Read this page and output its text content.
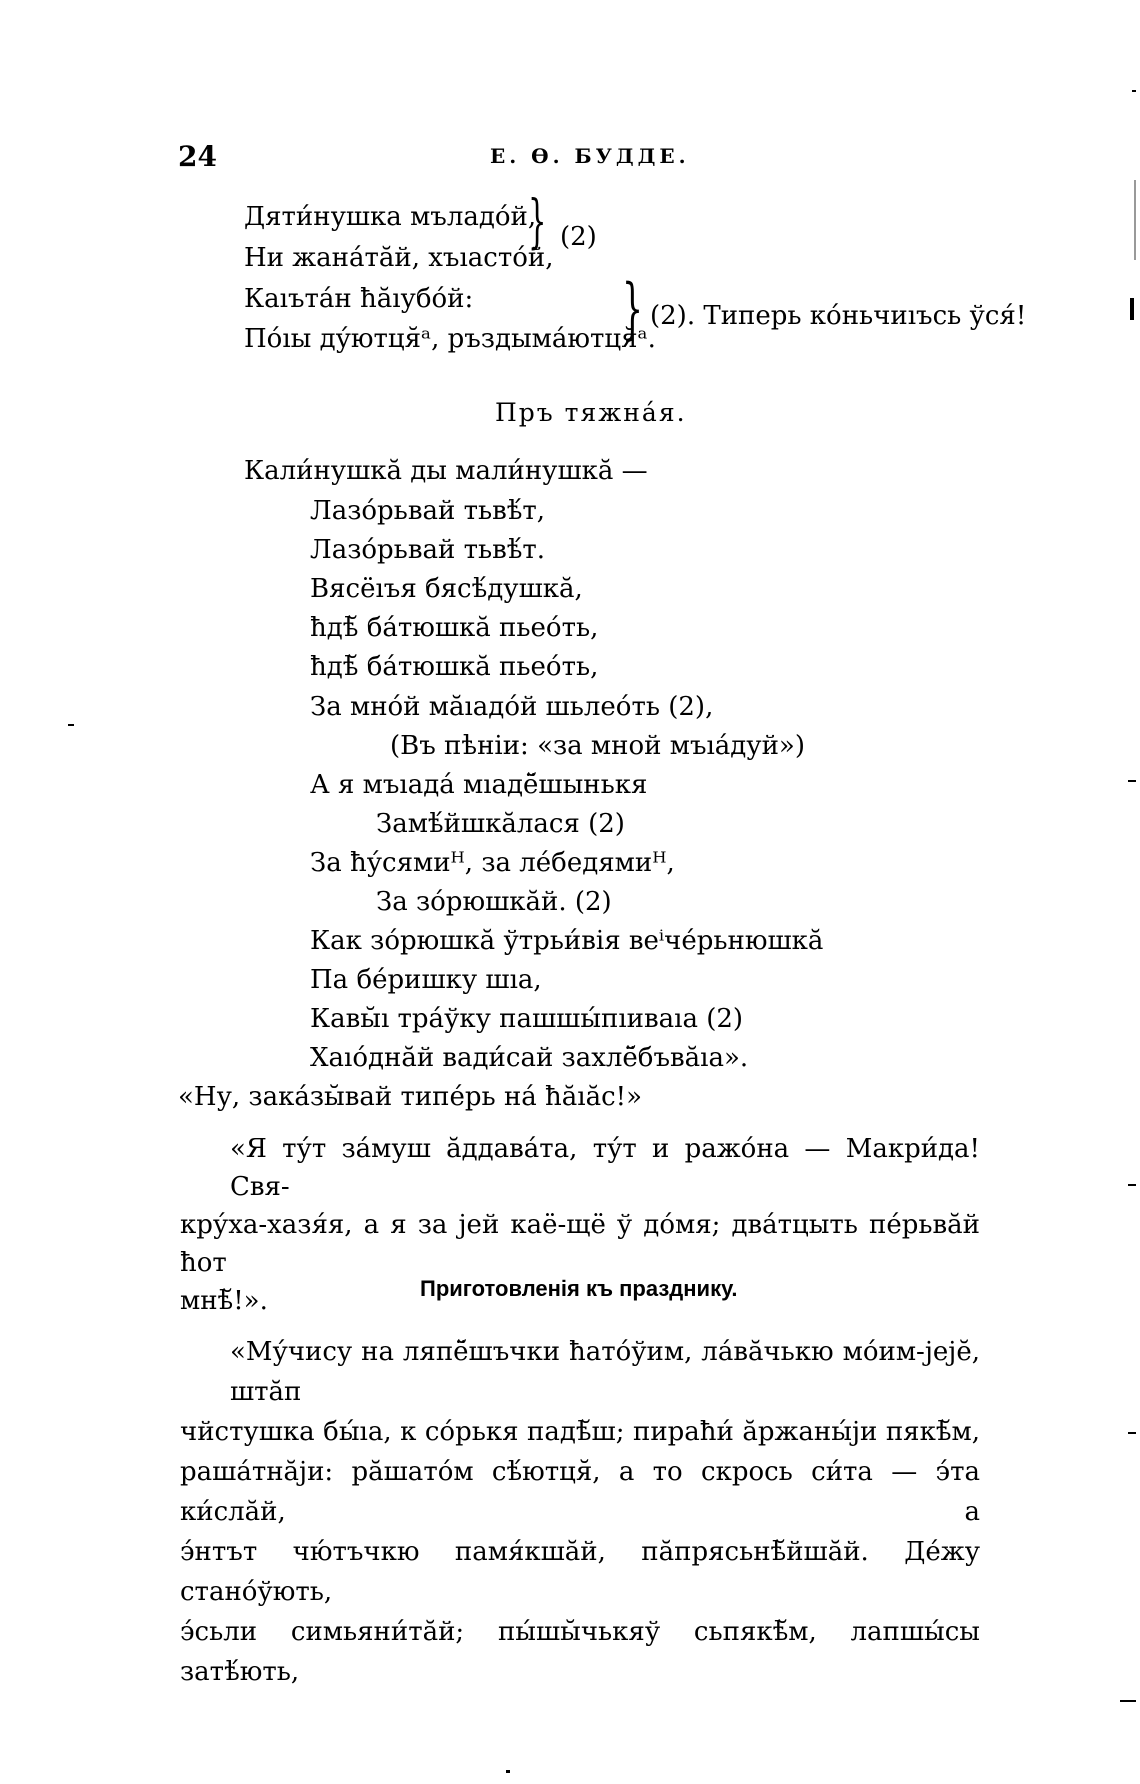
24	Е. Ө. БУДДЕ.
Дяти́нушка мъладо́й,
Ни жана́тӑй, хъıасто́й,
} (2)
Каıъта́н ħӑıубо́й:
Пóıы ду́ютця̆ᵃ, ръздыма́ютця̆ᵃ.
} (2). Типерь ко́ньчиıъсь ўся́!
Пръ тяжна́я.
Кали́нушкӑ ды мали́нушкӑ —
Лазо́рьвай тьвѣ́т,
Лазо́рьвай тьвѣ́т.
Вясёıъя бясѣ́душкӑ,
ħдѣ̆ ба́тюшкӑ пьео́ть,
ħдѣ̆ ба́тюшкӑ пьео́ть,
За мно́й мӑıадо́й шьлео́ть (2),
(Въ пѣніи: «за мной мъıа́дуй»)
А я мъıада́ мıадё̆шынькя
Замѣ́йшкӑлася (2)
За ħу́сямиᴴ, за лéбедямиᴴ,
За зо́рюшкӑй. (2)
Как зо́рюшкӑ ўтрьи́вія веⁱчéрьнюшкӑ
Па бéришку шıа,
Кавы̆ı тра́ўку пашшы́пıиваıа (2)
Хаıо́днӑй вади́сай захлё̆бъвӑıа».
«Ну, зака́зы̆вай типéрь на́ ħӑıӑс!»
«Я ту́т за́муш ӑддава́та, ту́т и ражо́на — Макри́да! Свя-
кру́ха-хазя́я, а я за јей каё-щё ў до́мя; два́тцыть пéрьвӑй ħот
мнѣ̆!».	Приготовленія къ празднику.
«Му́чису на ляпё̆шъчки ħато́ўим, ла́вӑчькю мо́им-јејӗ, штӑп
чйстушка бы́ıа, к со́рькя падѣ̆ш; пираħи́ ӑржаны́ји пякѣ̆м,
раша́тнӑји: рӑшато́м сѣ́ютця̆, а то скрось си́та — э́та ки́слӑй, а
э́нтът чю́тъчкю памя́кшӑй, пӑпрясьнѣ̆йшӑй. Дéжу стано́ўють,
э́сьли симьяни́тӑй; пы́шы̆чькяў сьпякѣ̆м, лапшы́сы затѣ́ють,
